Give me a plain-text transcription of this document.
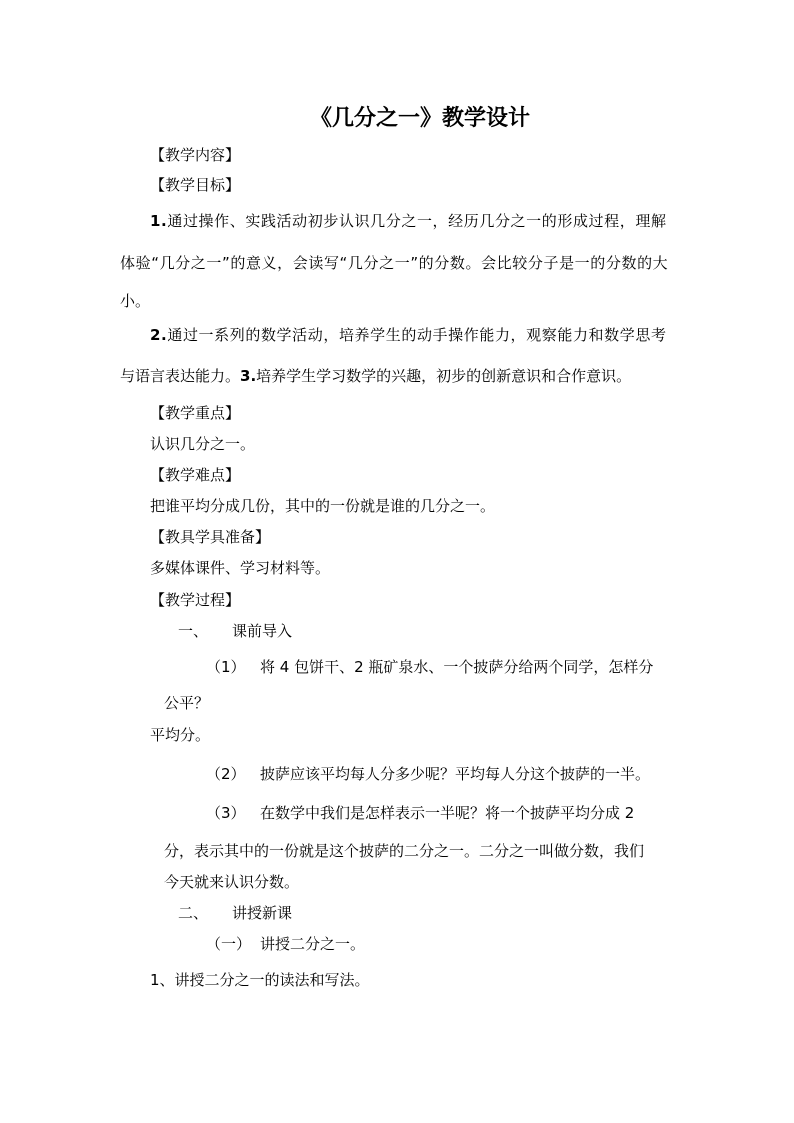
《几分之一》教学设计
【教学内容】
【教学目标】
1.通过操作、实践活动初步认识几分之一，经历几分之一的形成过程，理解
体验“几分之一”的意义，会读写“几分之一”的分数。会比较分子是一的分数的大
小。
2.通过一系列的数学活动，培养学生的动手操作能力，观察能力和数学思考
与语言表达能力。3.培养学生学习数学的兴趣，初步的创新意识和合作意识。
【教学重点】
认识几分之一。
【教学难点】
把谁平均分成几份，其中的一份就是谁的几分之一。
【教具学具准备】
多媒体课件、学习材料等。
【教学过程】
一、 课前导入
（1） 将 4 包饼干、2 瓶矿泉水、一个披萨分给两个同学，怎样分
公平？
平均分。
（2） 披萨应该平均每人分多少呢？平均每人分这个披萨的一半。
（3） 在数学中我们是怎样表示一半呢？将一个披萨平均分成 2
分，表示其中的一份就是这个披萨的二分之一。二分之一叫做分数，我们
今天就来认识分数。
二、 讲授新课
（一） 讲授二分之一。
1、讲授二分之一的读法和写法。
